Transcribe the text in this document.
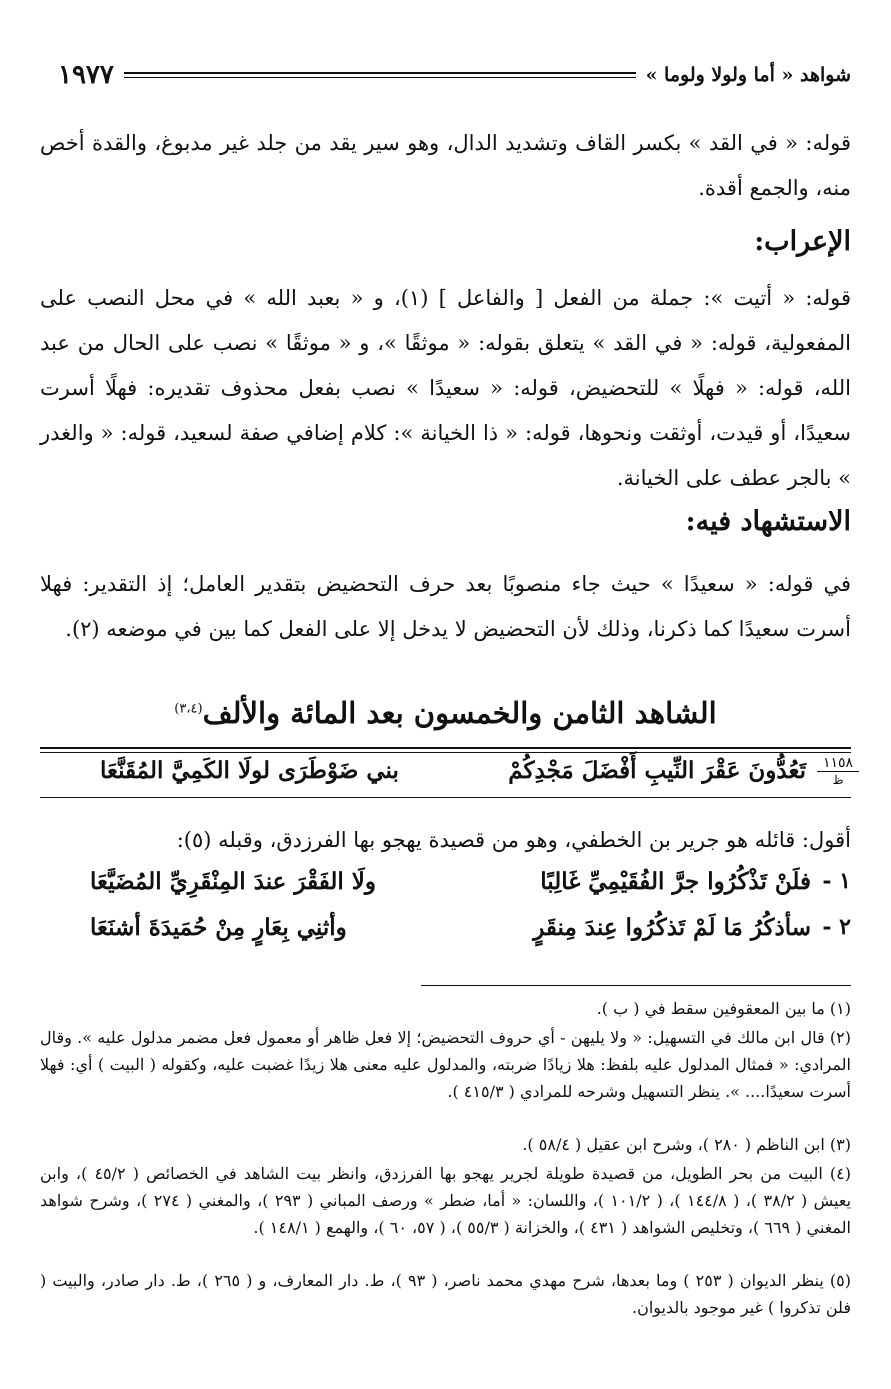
شواهد « أما ولولا ولوما »
١٩٧٧

قوله: « في القد » بكسر القاف وتشديد الدال، وهو سير يقد من جلد غير مدبوغ، والقدة أخص منه، والجمع أقدة.

الإعراب:

قوله: « أتيت »: جملة من الفعل [ والفاعل ] (١)، و « بعبد الله » في محل النصب على المفعولية، قوله: « في القد » يتعلق بقوله: « موثقًا »، و « موثقًا » نصب على الحال من عبد الله، قوله: « فهلًا » للتحضيض، قوله: « سعيدًا » نصب بفعل محذوف تقديره: فهلًا أسرت سعيدًا، أو قيدت، أوثقت ونحوها، قوله: « ذا الخيانة »: كلام إضافي صفة لسعيد، قوله: « والغدر » بالجر عطف على الخيانة.

الاستشهاد فيه:

في قوله: « سعيدًا » حيث جاء منصوبًا بعد حرف التحضيض بتقدير العامل؛ إذ التقدير: فهلا أسرت سعيدًا كما ذكرنا، وذلك لأن التحضيض لا يدخل إلا على الفعل كما بين في موضعه (٢).

الشاهد الثامن والخمسون بعد المائة والألف$^{(٣،٤)}$
١١٥٨
ظ
تَعُدُّونَ عَقْرَ النِّيبِ أَفْضَلَ مَجْدِكُمْ
بني ضَوْطَرَى لولَا الكَمِيَّ المُقَنَّعَا

أقول: قائله هو جرير بن الخطفي، وهو من قصيدة يهجو بها الفرزدق، وقبله (٥):

١ -
فلَنْ تَذْكُرُوا جرَّ الفُقَيْمِيِّ غَالِبًا
ولَا الفَقْرَ عندَ المِنْقَرِيِّ المُضَيَّعَا
٢ -
سأذكُرُ مَا لَمْ تَذكُرُوا عِندَ مِنقَرٍ
وأثنِي بِعَارٍ مِنْ حُمَيدَةَ أشنَعَا

(١) ما بين المعقوفين سقط في ( ب ).

(٢) قال ابن مالك في التسهيل: « ولا يليهن - أي حروف التحضيض؛ إلا فعل ظاهر أو معمول فعل مضمر مدلول عليه ». وقال المرادي: « فمثال المدلول عليه بلفظ: هلا زيادًا ضربته، والمدلول عليه معنى هلا زيدًا غضبت عليه، وكقوله ( البيت ) أي: فهلا أسرت سعيدًا.... ». ينظر التسهيل وشرحه للمرادي ( ٤١٥/٣ ).

(٣) ابن الناظم ( ٢٨٠ )، وشرح ابن عقيل ( ٥٨/٤ ).

(٤) البيت من بحر الطويل، من قصيدة طويلة لجرير يهجو بها الفرزدق، وانظر بيت الشاهد في الخصائص ( ٤٥/٢ )، وابن يعيش ( ٣٨/٢ )، ( ١٤٤/٨ )، ( ١٠١/٢ )، واللسان: « أما، ضطر » ورصف المباني ( ٢٩٣ )، والمغني ( ٢٧٤ )، وشرح شواهد المغني ( ٦٦٩ )، وتخليص الشواهد ( ٤٣١ )، والخزانة ( ٥٥/٣ )، ( ٥٧، ٦٠ )، والهمع ( ١٤٨/١ ).

(٥) ينظر الديوان ( ٢٥٣ ) وما بعدها، شرح مهدي محمد ناصر، ( ٩٣ )، ط. دار المعارف، و ( ٢٦٥ )، ط. دار صادر، والبيت ( فلن تذكروا ) غير موجود بالديوان.
